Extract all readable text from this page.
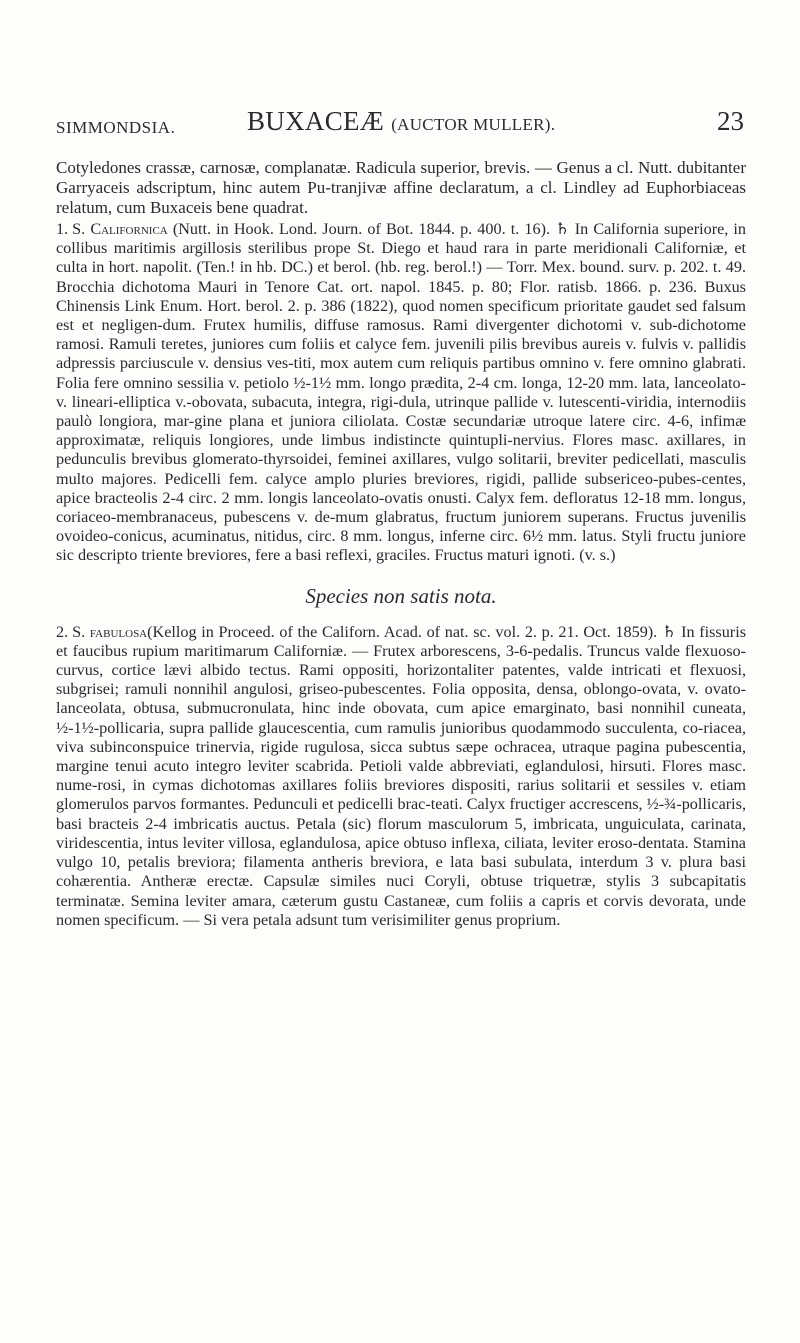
SIMMONDSIA.	BUXACEÆ (AUCTOR MULLER).	23

Cotyledones crassæ, carnosæ, complanatæ. Radicula superior, brevis. — Genus a cl. Nutt. dubitanter Garryaceis adscriptum, hinc autem Pu-tranjivæ affine declaratum, a cl. Lindley ad Euphorbiaceas relatum, cum Buxaceis bene quadrat.

1. S. Californica (Nutt. in Hook. Lond. Journ. of Bot. 1844. p. 400. t. 16). ♄ In California superiore, in collibus maritimis argillosis sterilibus prope St. Diego et haud rara in parte meridionali Californiæ, et culta in hort. napolit. (Ten.! in hb. DC.) et berol. (hb. reg. berol.!) — Torr. Mex. bound. surv. p. 202. t. 49. Brocchia dichotoma Mauri in Tenore Cat. ort. napol. 1845. p. 80; Flor. ratisb. 1866. p. 236. Buxus Chinensis Link Enum. Hort. berol. 2. p. 386 (1822), quod nomen specificum prioritate gaudet sed falsum est et negligen-dum. Frutex humilis, diffuse ramosus. Rami divergenter dichotomi v. sub-dichotome ramosi. Ramuli teretes, juniores cum foliis et calyce fem. juvenili pilis brevibus aureis v. fulvis v. pallidis adpressis parciuscule v. densius ves-titi, mox autem cum reliquis partibus omnino v. fere omnino glabrati. Folia fere omnino sessilia v. petiolo ½-1½ mm. longo prædita, 2-4 cm. longa, 12-20 mm. lata, lanceolato-v. lineari-elliptica v.-obovata, subacuta, integra, rigi-dula, utrinque pallide v. lutescenti-viridia, internodiis paulò longiora, mar-gine plana et juniora ciliolata. Costæ secundariæ utroque latere circ. 4-6, infimæ approximatæ, reliquis longiores, unde limbus indistincte quintupli-nervius. Flores masc. axillares, in pedunculis brevibus glomerato-thyrsoidei, feminei axillares, vulgo solitarii, breviter pedicellati, masculis multo majores. Pedicelli fem. calyce amplo pluries breviores, rigidi, pallide subsericeo-pubes-centes, apice bracteolis 2-4 circ. 2 mm. longis lanceolato-ovatis onusti. Calyx fem. defloratus 12-18 mm. longus, coriaceo-membranaceus, pubescens v. de-mum glabratus, fructum juniorem superans. Fructus juvenilis ovoideo-conicus, acuminatus, nitidus, circ. 8 mm. longus, inferne circ. 6½ mm. latus. Styli fructu juniore sic descripto triente breviores, fere a basi reflexi, graciles. Fructus maturi ignoti. (v. s.)

Species non satis nota.

2. S. fabulosa(Kellog in Proceed. of the Californ. Acad. of nat. sc. vol. 2. p. 21. Oct. 1859). ♄ In fissuris et faucibus rupium maritimarum Californiæ. — Frutex arborescens, 3-6-pedalis. Truncus valde flexuoso-curvus, cortice lævi albido tectus. Rami oppositi, horizontaliter patentes, valde intricati et flexuosi, subgrisei; ramuli nonnihil angulosi, griseo-pubescentes. Folia opposita, densa, oblongo-ovata, v. ovato-lanceolata, obtusa, submucronulata, hinc inde obovata, cum apice emarginato, basi nonnihil cuneata, ½-1½-pollicaria, supra pallide glaucescentia, cum ramulis junioribus quodammodo succulenta, co-riacea, viva subinconspuice trinervia, rigide rugulosa, sicca subtus sæpe ochracea, utraque pagina pubescentia, margine tenui acuto integro leviter scabrida. Petioli valde abbreviati, eglandulosi, hirsuti. Flores masc. nume-rosi, in cymas dichotomas axillares foliis breviores dispositi, rarius solitarii et sessiles v. etiam glomerulos parvos formantes. Pedunculi et pedicelli brac-teati. Calyx fructiger accrescens, ½-¾-pollicaris, basi bracteis 2-4 imbricatis auctus. Petala (sic) florum masculorum 5, imbricata, unguiculata, carinata, viridescentia, intus leviter villosa, eglandulosa, apice obtuso inflexa, ciliata, leviter eroso-dentata. Stamina vulgo 10, petalis breviora; filamenta antheris breviora, e lata basi subulata, interdum 3 v. plura basi cohærentia. Antheræ erectæ. Capsulæ similes nuci Coryli, obtuse triquetræ, stylis 3 subcapitatis terminatæ. Semina leviter amara, cæterum gustu Castaneæ, cum foliis a capris et corvis devorata, unde nomen specificum. — Si vera petala adsunt tum verisimiliter genus proprium.
